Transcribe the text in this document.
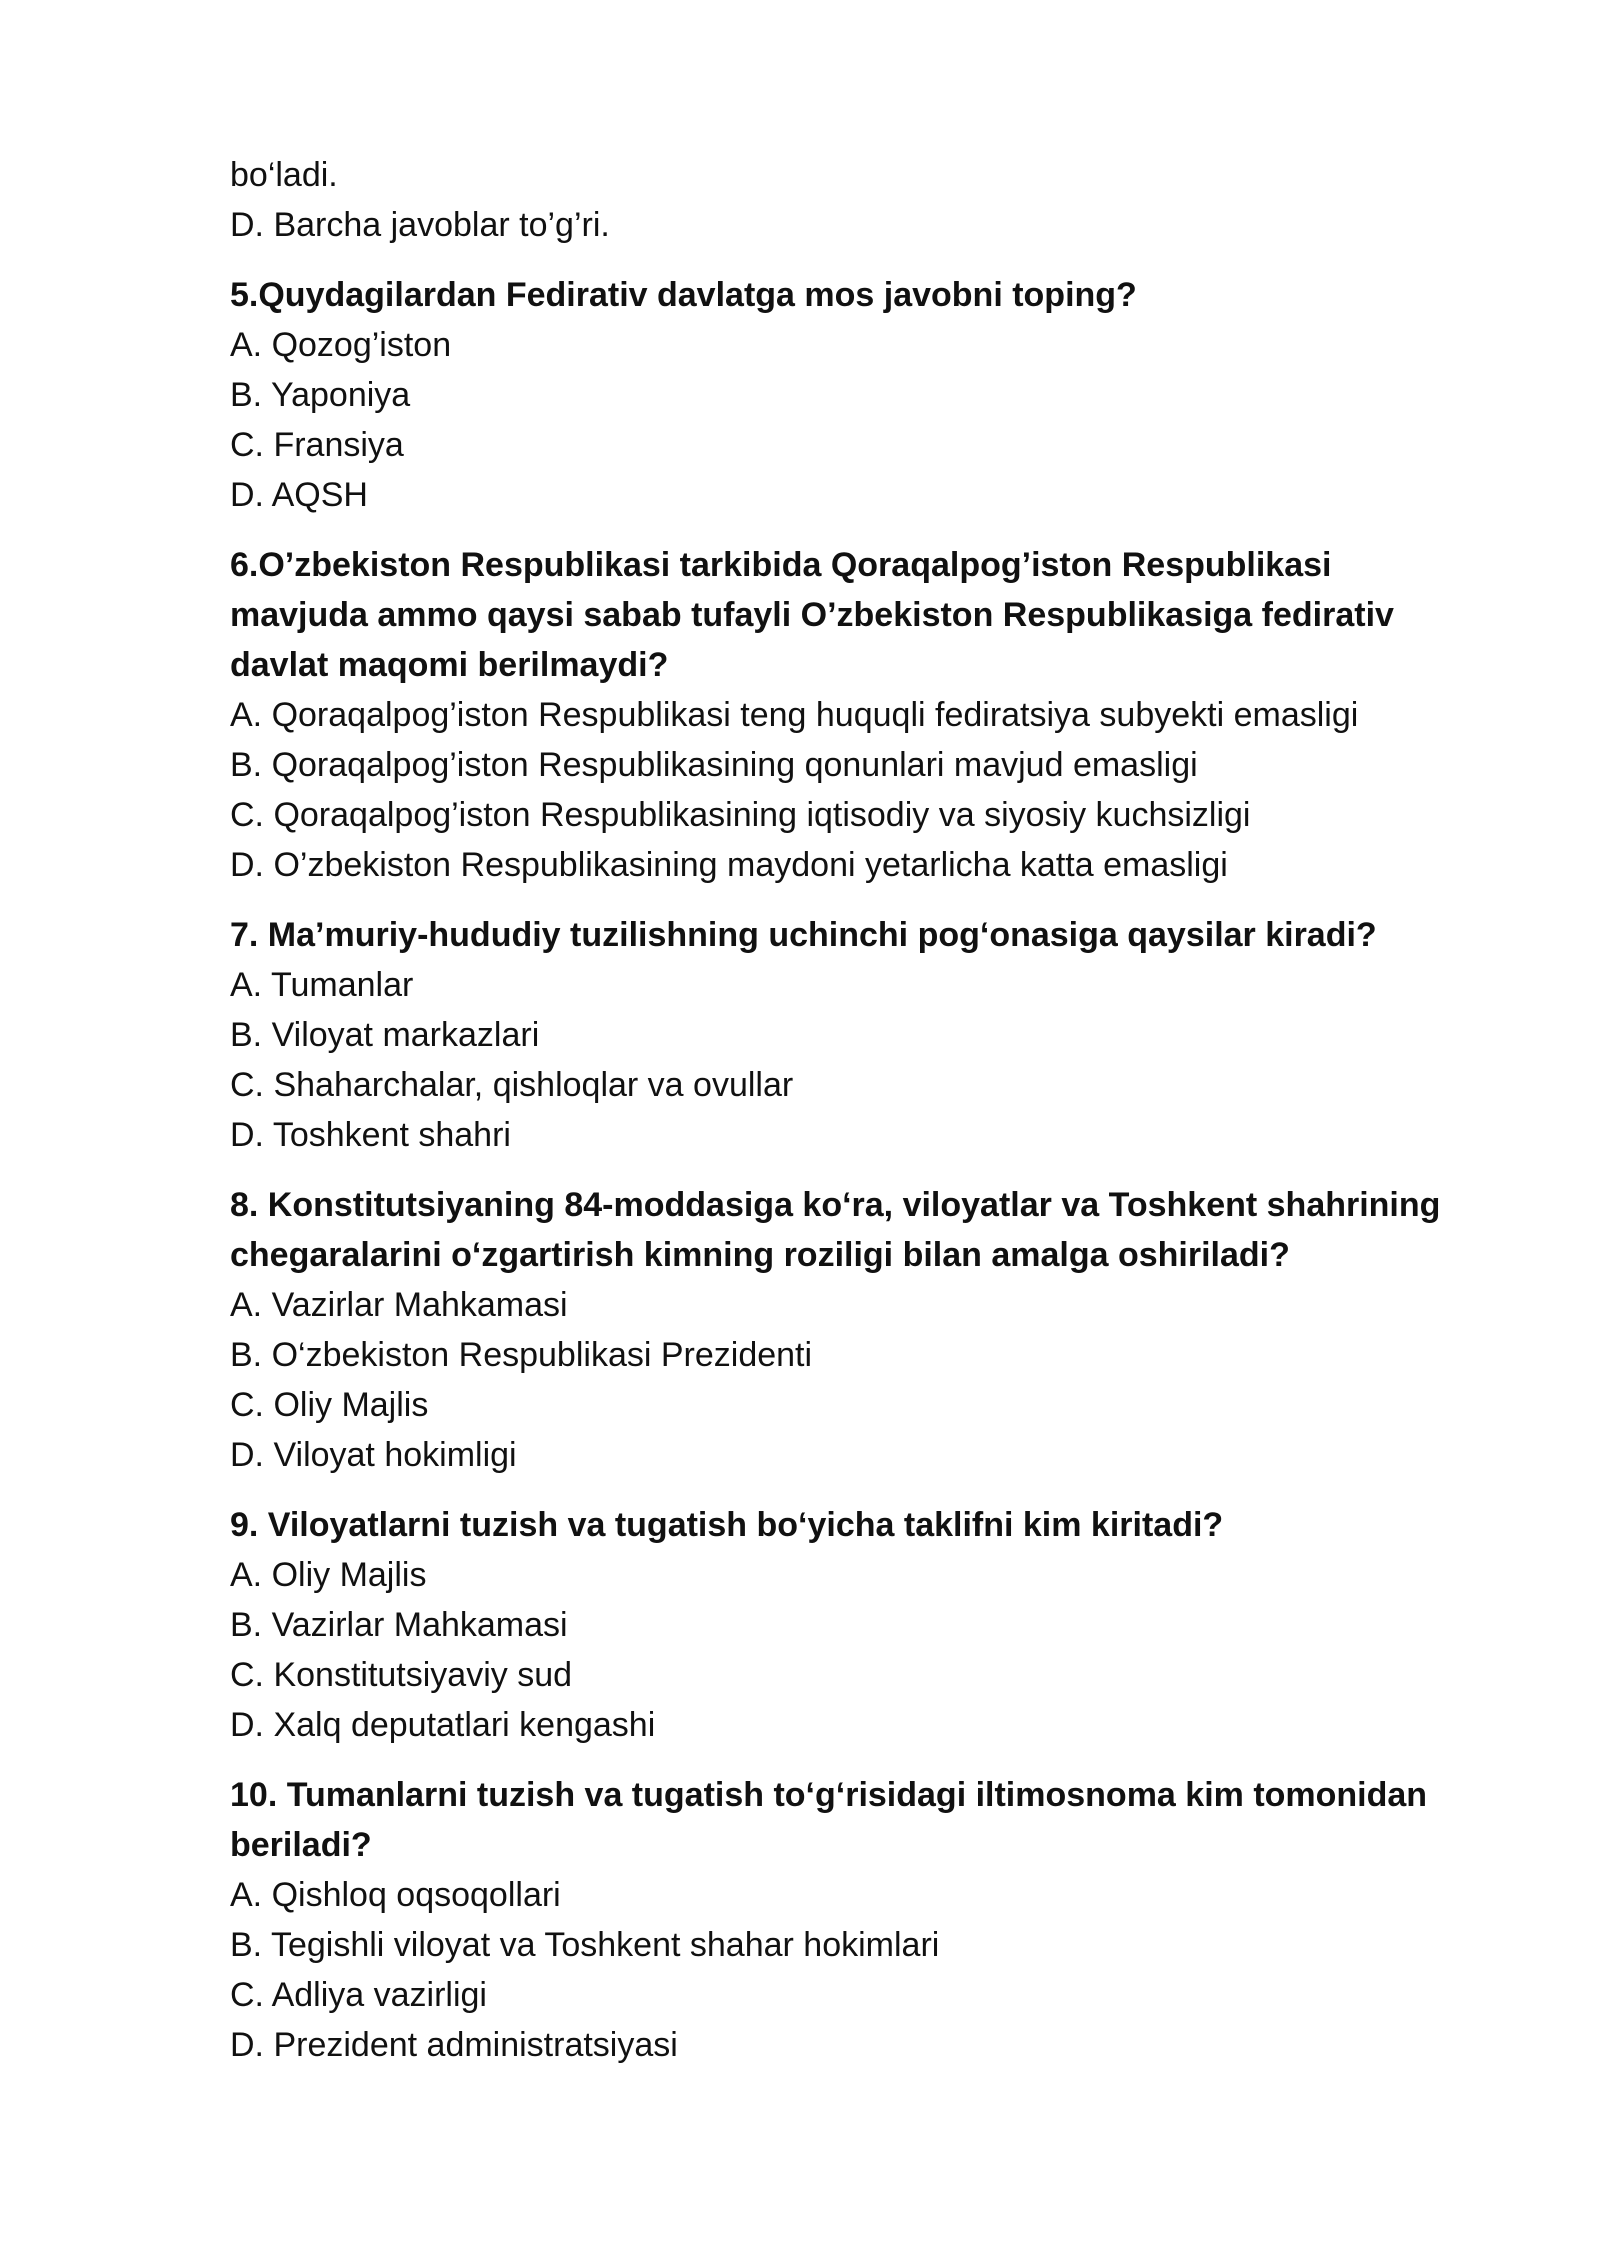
bo‘ladi.
D. Barcha javoblar to’g’ri.
5.Quydagilardan Fedirativ davlatga mos javobni toping?
A. Qozog’iston
B. Yaponiya
C. Fransiya
D. AQSH
6.O’zbekiston Respublikasi tarkibida Qoraqalpog’iston Respublikasi mavjuda ammo qaysi sabab tufayli O’zbekiston Respublikasiga fedirativ davlat maqomi berilmaydi?
A. Qoraqalpog’iston Respublikasi teng huquqli fediratsiya subyekti emasligi
B. Qoraqalpog’iston Respublikasining qonunlari mavjud emasligi
C. Qoraqalpog’iston Respublikasining iqtisodiy va siyosiy kuchsizligi
D. O’zbekiston Respublikasining maydoni yetarlicha katta emasligi
7. Ma’muriy-hududiy tuzilishning uchinchi pog‘onasiga qaysilar kiradi?
A. Tumanlar
B. Viloyat markazlari
C. Shaharchalar, qishloqlar va ovullar
D. Toshkent shahri
8. Konstitutsiyaning 84-moddasiga ko‘ra, viloyatlar va Toshkent shahrining chegaralarini o‘zgartirish kimning roziligi bilan amalga oshiriladi?
A. Vazirlar Mahkamasi
B. O‘zbekiston Respublikasi Prezidenti
C. Oliy Majlis
D. Viloyat hokimligi
9. Viloyatlarni tuzish va tugatish bo‘yicha taklifni kim kiritadi?
A. Oliy Majlis
B. Vazirlar Mahkamasi
C. Konstitutsiyaviy sud
D. Xalq deputatlari kengashi
10. Tumanlarni tuzish va tugatish to‘g‘risidagi iltimosnoma kim tomonidan beriladi?
A. Qishloq oqsoqollari
B. Tegishli viloyat va Toshkent shahar hokimlari
C. Adliya vazirligi
D. Prezident administratsiyasi
